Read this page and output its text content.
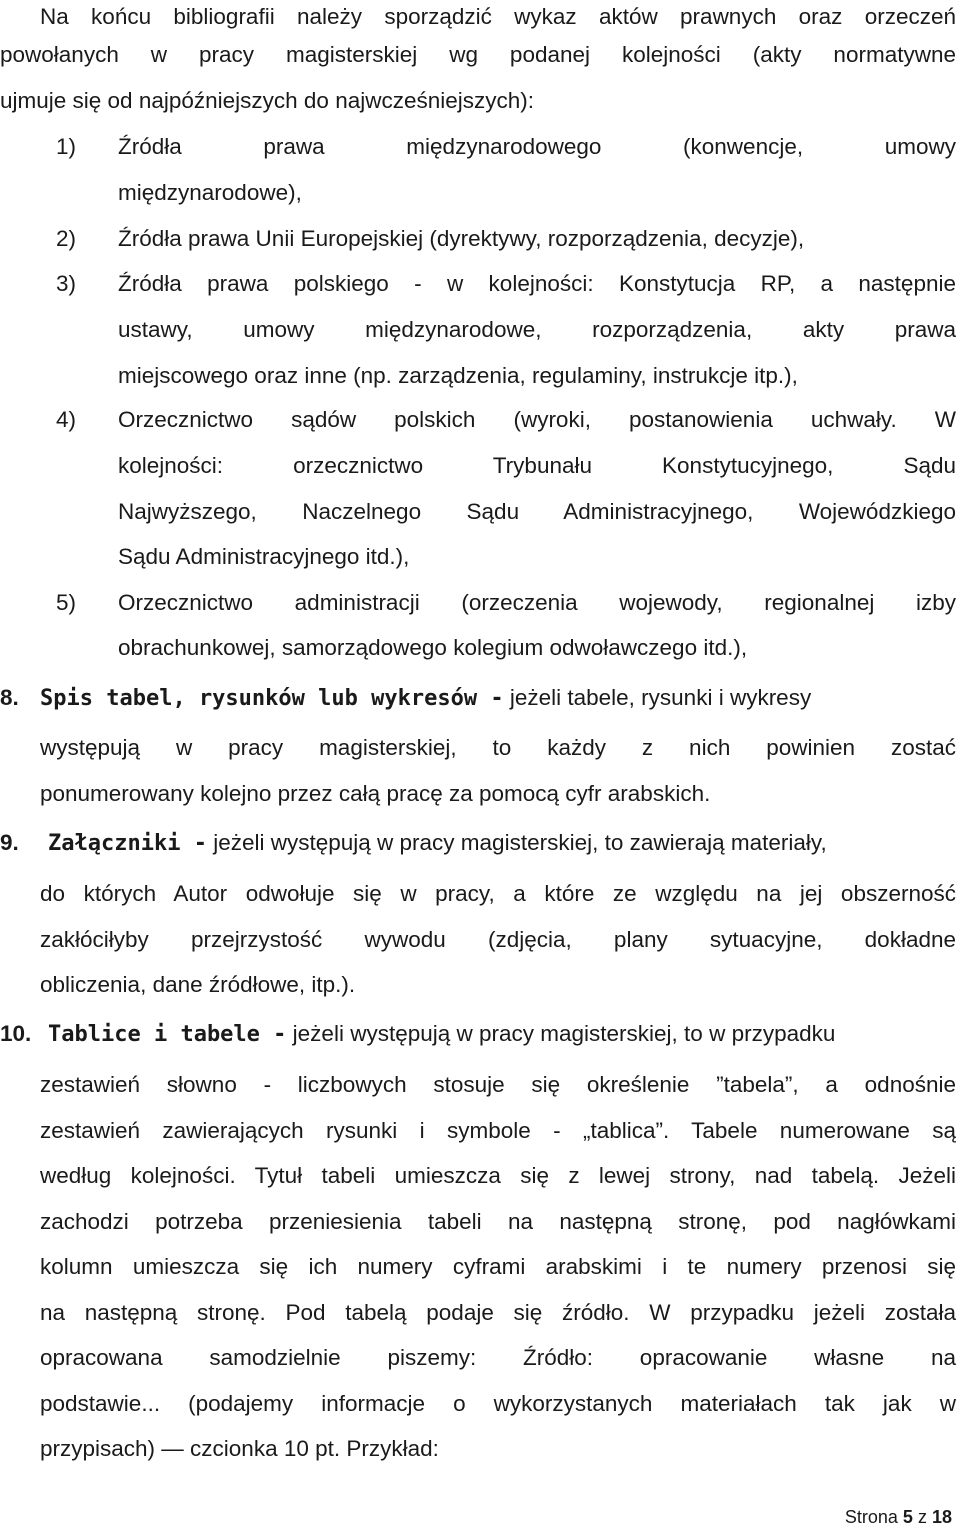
Na końcu bibliografii należy sporządzić wykaz aktów prawnych oraz orzeczeń
powołanych w pracy magisterskiej wg podanej kolejności (akty normatywne
ujmuje się od najpóźniejszych do najwcześniejszych):
1) Źródła prawa międzynarodowego (konwencje, umowy
międzynarodowe),
2) Źródła prawa Unii Europejskiej (dyrektywy, rozporządzenia, decyzje),
3) Źródła prawa polskiego - w kolejności: Konstytucja RP, a następnie
ustawy, umowy międzynarodowe, rozporządzenia, akty prawa
miejscowego oraz inne (np. zarządzenia, regulaminy, instrukcje itp.),
4) Orzecznictwo sądów polskich (wyroki, postanowienia uchwały. W
kolejności: orzecznictwo Trybunału Konstytucyjnego, Sądu
Najwyższego, Naczelnego Sądu Administracyjnego, Wojewódzkiego
Sądu Administracyjnego itd.),
5) Orzecznictwo administracji (orzeczenia wojewody, regionalnej izby
obrachunkowej, samorządowego kolegium odwoławczego itd.),
8. Spis tabel, rysunków lub wykresów - jeżeli tabele, rysunki i wykresy
występują w pracy magisterskiej, to każdy z nich powinien zostać
ponumerowany kolejno przez całą pracę za pomocą cyfr arabskich.
9. Załączniki - jeżeli występują w pracy magisterskiej, to zawierają materiały,
do których Autor odwołuje się w pracy, a które ze względu na jej obszerność
zakłóciłyby przejrzystość wywodu (zdjęcia, plany sytuacyjne, dokładne
obliczenia, dane źródłowe, itp.).
10. Tablice i tabele - jeżeli występują w pracy magisterskiej, to w przypadku
zestawień słowno - liczbowych stosuje się określenie ”tabela”, a odnośnie
zestawień zawierających rysunki i symbole - „tablica”. Tabele numerowane są
według kolejności. Tytuł tabeli umieszcza się z lewej strony, nad tabelą. Jeżeli
zachodzi potrzeba przeniesienia tabeli na następną stronę, pod nagłówkami
kolumn umieszcza się ich numery cyframi arabskimi i te numery przenosi się
na następną stronę. Pod tabelą podaje się źródło. W przypadku jeżeli została
opracowana samodzielnie piszemy: Źródło: opracowanie własne na
podstawie... (podajemy informacje o wykorzystanych materiałach tak jak w
przypisach) — czcionka 10 pt. Przykład:
Strona 5 z 18
